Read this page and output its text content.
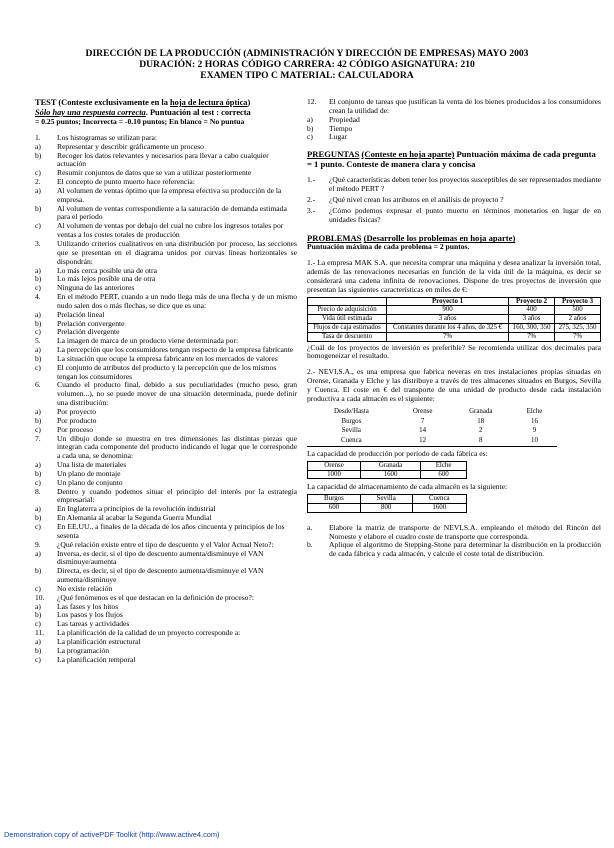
DIRECCIÓN DE LA PRODUCCIÓN (ADMINISTRACIÓN Y DIRECCIÓN DE EMPRESAS) MAYO 2003
DURACIÓN: 2 HORAS CÓDIGO CARRERA: 42 CÓDIGO ASIGNATURA: 210
EXAMEN TIPO C MATERIAL: CALCULADORA

TEST (Conteste exclusivamente en la hoja de lectura óptica)

Sólo hay una respuesta correcta. Puntuación al test : correcta

= 0.25 puntos; Incorrecta = -0.10 puntos; En blanco = No puntua

1.	Los histogramas se utilizan para:
a)	Representar y describir gráficamente un proceso
b)	Recoger los datos relevantes y necesarios para llevar a cabo cualquier actuación
c)	Resumir conjuntos de datos que se van a utilizar posteriormente
2.	El concepto de punto muerto hace referencia:
a)	Al volumen de ventas óptimo que la empresa efectiva su producción de la empresa.
b)	Al volumen de ventas correspondiente a la saturación de demanda estimada para el período
c)	Al volumen de ventas por debajo del cual no cubre los ingresos totales por ventas a los costes totales de producción
3.	Utilizando criterios cualitativos en una distribución por proceso, las secciones que se presentan en el diagrama unidos por curvas líneas horizontales se dispondrán:
a)	Lo más cerca posible una de otra
b)	Lo más lejos posible una de otra
c)	Ninguna de las anteriores
4.	En el método PERT, cuando a un nudo llega más de una flecha y de un mismo nudo salen dos o más flechas, se dice que es una:
a)	Prelación lineal
b)	Prelación convergente
c)	Prelación divergente
5.	La imagen de marca de un producto viene determinada por:
a)	La percepción que los consumidores tengan respecto de la empresa fabricante
b)	La situación que ocupe la empresa fabricante en los mercados de valores
c)	El conjunto de atributos del producto y la percepción que de los mismos tengan los consumidores
6.	Cuando el producto final, debido a sus peculiaridades (mucho peso, gran volumen...), no se puede mover de una situación determinada, puede definir una distribución:
a)	Por proyecto
b)	Por producto
c)	Por proceso
7.	Un dibujo donde se muestra en tres dimensiones las distintas piezas que integran cada componente del producto indicando el lugar que le corresponde a cada una, se denomina:
a)	Una lista de materiales
b)	Un plano de montaje
c)	Un plano de conjunto
8.	Dentro y cuando podemos situar el principio del interés por la estrategia empresarial:
a)	En Inglaterra a principios de la revolución industrial
b)	En Alemania al acabar la Segunda Guerra Mundial
c)	En EE.UU., a finales de la década de los años cincuenta y principios de los sesenta
9.	¿Qué relación existe entre el tipo de descuento y el Valor Actual Neto?:
a)	Inversa, es decir, si el tipo de descuento aumenta/disminuye el VAN disminuye/aumenta
b)	Directa, es decir, si el tipo de descuento aumenta/disminuye el VAN aumenta/disminuye
c)	No existe relación
10.	¿Qué fenómenos es el que destacan en la definición de proceso?:
a)	Las fases y los hitos
b)	Los pasos y los flujos
c)	Las tareas y actividades
11.	La planificación de la calidad de un proyecto corresponde a:
a)	La planificación estructural
b)	La programación
c)	La planificación temporal
12.	El conjunto de tareas que justifican la venta de los bienes producidos a los consumidores crean la utilidad de:
a)	Propiedad
b)	Tiempo
c)	Lugar

PREGUNTAS (Conteste en hoja aparte) Puntuación máxima de cada pregunta = 1 punto. Conteste de manera clara y concisa

1.-	¿Qué características deben tener los proyectos susceptibles de ser representados mediante el método PERT ?
2.-	¿Qué nivel crean los atributos en el análisis de proyecto ?
3.-	¿Cómo podemos expresar el punto muerto en términos monetarios en lugar de en unidades físicas?

PROBLEMAS (Desarrolle los problemas en hoja aparte)

Puntuación máxima de cada problema = 2 puntos.

1.- La empresa MAK S.A. que necesita comprar una máquina y desea analizar la inversión total, además de las renovaciones necesarias en función de la vida útil de la máquina, es decir se considerará una cadena infinita de renovaciones. Dispone de tres proyectos de inversión que presentan las siguientes características en miles de €:

	Proyecto 1	Proyecto 2	Proyecto 3
Precio de adquisición	900	400	500
Vida útil estimada	3 años	3 años	2 años
Flujos de caja estimados	Constantes durante los 4 años, de 325 €	160, 300, 350	275, 325, 350
Tasa de descuento	7%	7%	7%

¿Cuál de los proyectos de inversión es preferible? Se recomienda utilizar dos decimales para homogeneizar el resultado.

2.- NEVI,S.A., es una empresa que fabrica neveras en tres instalaciones propias situadas en Orense, Granada y Elche y las distribuye a través de tres almacenes situados en Burgos, Sevilla y Cuenca. El coste en € del transporte de una unidad de producto desde cada instalación productiva a cada almacén es el siguiente:

Desde/Hasta	Orense	Granada	Elche
Burgos	7	18	16
Sevilla	14	2	9
Cuenca	12	8	10

La capacidad de producción por período de cada fábrica es:

Orense	Granada	Elche
1000	1600	600

La capacidad de almacenamiento de cada almacén es la siguiente:

Burgos	Sevilla	Cuenca
600	800	1600
a.	Elabore la matriz de transporte de NEVI,S.A. empleando el método del Rincón del Noroeste y elabore el cuadro coste de transporte que corresponda.
b.	Aplique el algoritmo de Stepping-Stone para determinar la distribución en la producción de cada fábrica y cada almacén, y calcule el coste total de distribución.
Demonstration copy of activePDF Toolkit (http://www.active4.com)
